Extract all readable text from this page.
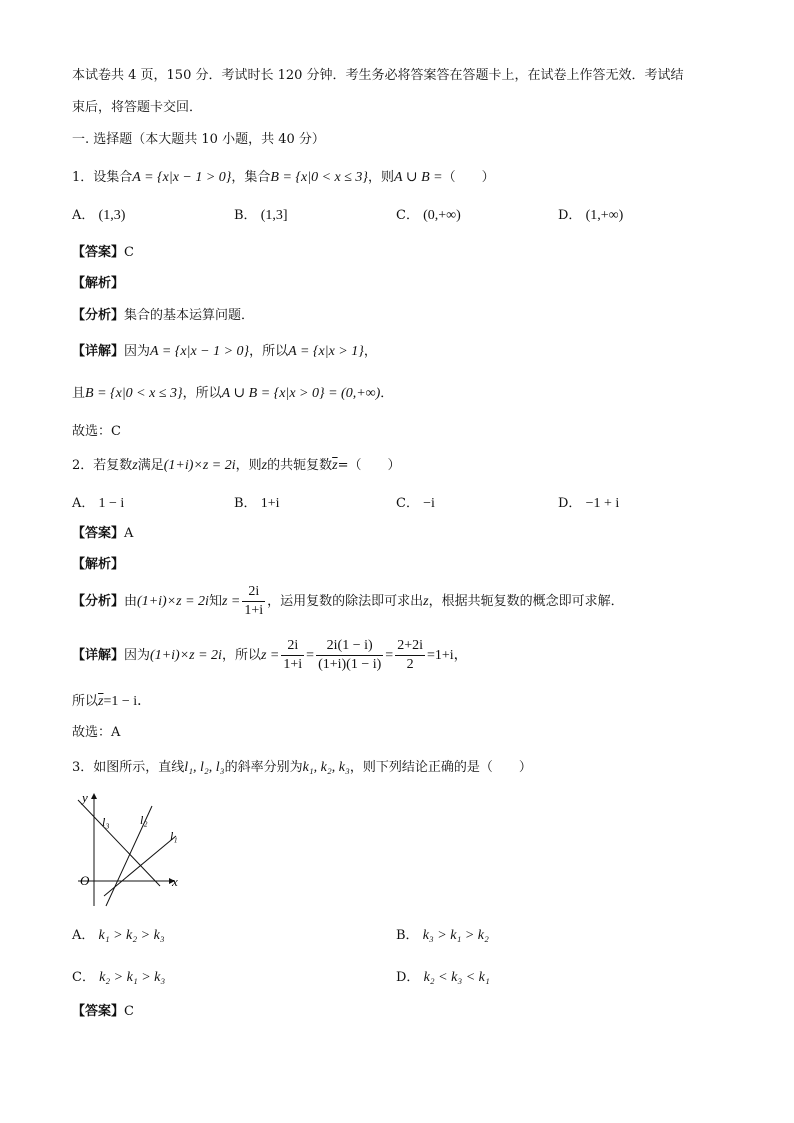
本试卷共 4 页，150 分．考试时长 120 分钟．考生务必将答案答在答题卡上，在试卷上作答无效．考试结
束后，将答题卡交回．
一. 选择题（本大题共 10 小题，共 40 分）
1．设集合A = {x|x − 1 > 0}，集合B = {x|0 < x ≤ 3}，则A ∪ B =（　　）
A． (1,3)	B． (1,3]	C． (0,+∞)	D． (1,+∞)
【答案】C
【解析】
【分析】集合的基本运算问题．
【详解】因为A = {x|x − 1 > 0}，所以A = {x|x > 1}，
且B = {x|0 < x ≤ 3}，所以A ∪ B = {x|x > 0} = (0,+∞)．
故选：C
2．若复数z满足(1+i)×z = 2i，则z的共轭复数$\overline{z}=$（　　）
A． 1 − i	B． 1+i	C． −i	D． −1 + i
【答案】A
【解析】
【分析】由(1+i)×z = 2i知$z = \frac{2i}{1+i}$ ，运用复数的除法即可求出z，根据共轭复数的概念即可求解．
【详解】因为(1+i)×z = 2i，所以$z = \frac{2i}{1+i} = \frac{2i(1 - i)}{(1+i)(1 - i)} = \frac{2+2i}{2} =1+i$，
所以$\overline{z}=1 - i$．
故选：A
3．如图所示，直线l₁, l₂, l₃的斜率分别为k₁, k₂, k₃，则下列结论正确的是（　　）
y
x
O
l₃	l₂
l₁
A． k₁ > k₂ > k₃	B． k₃ > k₁ > k₂
C． k₂ > k₁ > k₃	D． k₂ < k₃ < k₁
【答案】C
